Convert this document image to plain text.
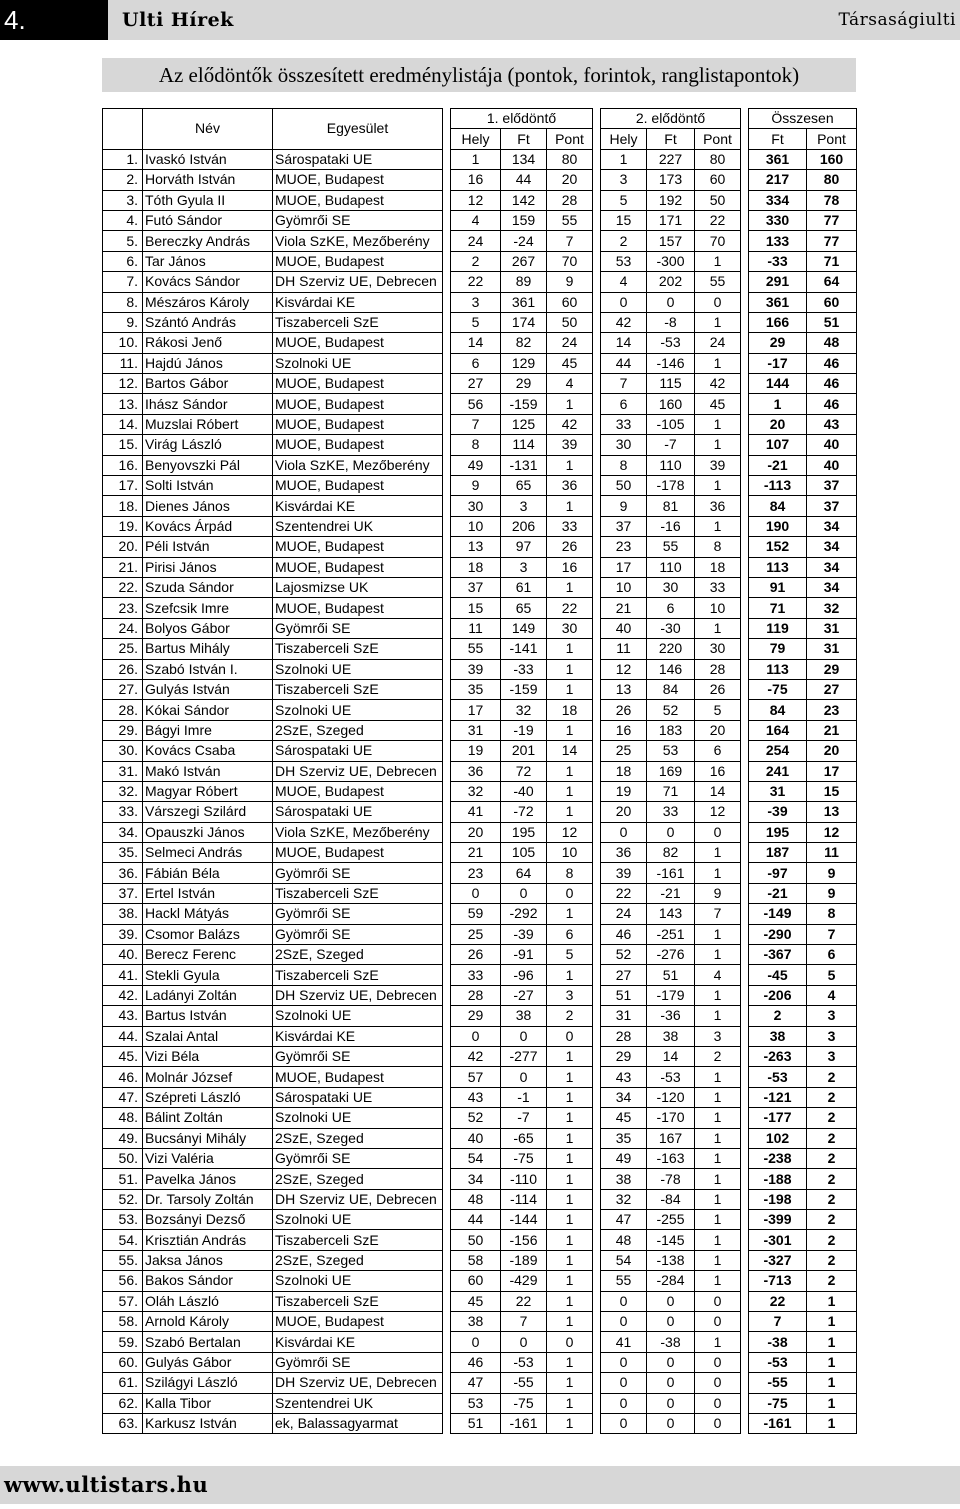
4.	Ulti Hírek	Társaságiulti
Az elődöntők összesített eredménylistája (pontok, forintok, ranglistapontok)
	Név	Egyesület		1. elődöntő				2. elődöntő				Összesen	
				Hely	Ft	Pont		Hely	Ft	Pont		Ft	Pont
1.	Ivaskó István	Sárospataki UE		1	134	80		1	227	80		361	160
2.	Horváth István	MUOE, Budapest		16	44	20		3	173	60		217	80
3.	Tóth Gyula II	MUOE, Budapest		12	142	28		5	192	50		334	78
4.	Futó Sándor	Gyömrői SE		4	159	55		15	171	22		330	77
5.	Bereczky András	Viola SzKE, Mezőberény		24	-24	7		2	157	70		133	77
6.	Tar János	MUOE, Budapest		2	267	70		53	-300	1		-33	71
7.	Kovács Sándor	DH Szerviz UE, Debrecen		22	89	9		4	202	55		291	64
8.	Mészáros Károly	Kisvárdai KE		3	361	60		0	0	0		361	60
9.	Szántó András	Tiszaberceli SzE		5	174	50		42	-8	1		166	51
10.	Rákosi Jenő	MUOE, Budapest		14	82	24		14	-53	24		29	48
11.	Hajdú János	Szolnoki UE		6	129	45		44	-146	1		-17	46
12.	Bartos Gábor	MUOE, Budapest		27	29	4		7	115	42		144	46
13.	Ihász Sándor	MUOE, Budapest		56	-159	1		6	160	45		1	46
14.	Muzslai Róbert	MUOE, Budapest		7	125	42		33	-105	1		20	43
15.	Virág László	MUOE, Budapest		8	114	39		30	-7	1		107	40
16.	Benyovszki Pál	Viola SzKE, Mezőberény		49	-131	1		8	110	39		-21	40
17.	Solti István	MUOE, Budapest		9	65	36		50	-178	1		-113	37
18.	Dienes János	Kisvárdai KE		30	3	1		9	81	36		84	37
19.	Kovács Árpád	Szentendrei UK		10	206	33		37	-16	1		190	34
20.	Péli István	MUOE, Budapest		13	97	26		23	55	8		152	34
21.	Pirisi János	MUOE, Budapest		18	3	16		17	110	18		113	34
22.	Szuda Sándor	Lajosmizse UK		37	61	1		10	30	33		91	34
23.	Szefcsik Imre	MUOE, Budapest		15	65	22		21	6	10		71	32
24.	Bolyos Gábor	Gyömrői SE		11	149	30		40	-30	1		119	31
25.	Bartus Mihály	Tiszaberceli SzE		55	-141	1		11	220	30		79	31
26.	Szabó István I.	Szolnoki UE		39	-33	1		12	146	28		113	29
27.	Gulyás István	Tiszaberceli SzE		35	-159	1		13	84	26		-75	27
28.	Kókai Sándor	Szolnoki UE		17	32	18		26	52	5		84	23
29.	Bágyi Imre	2SzE, Szeged		31	-19	1		16	183	20		164	21
30.	Kovács Csaba	Sárospataki UE		19	201	14		25	53	6		254	20
31.	Makó István	DH Szerviz UE, Debrecen		36	72	1		18	169	16		241	17
32.	Magyar Róbert	MUOE, Budapest		32	-40	1		19	71	14		31	15
33.	Várszegi Szilárd	Sárospataki UE		41	-72	1		20	33	12		-39	13
34.	Opauszki János	Viola SzKE, Mezőberény		20	195	12		0	0	0		195	12
35.	Selmeci András	MUOE, Budapest		21	105	10		36	82	1		187	11
36.	Fábián Béla	Gyömrői SE		23	64	8		39	-161	1		-97	9
37.	Ertel István	Tiszaberceli SzE		0	0	0		22	-21	9		-21	9
38.	Hackl Mátyás	Gyömrői SE		59	-292	1		24	143	7		-149	8
39.	Csomor Balázs	Gyömrői SE		25	-39	6		46	-251	1		-290	7
40.	Berecz Ferenc	2SzE, Szeged		26	-91	5		52	-276	1		-367	6
41.	Stekli Gyula	Tiszaberceli SzE		33	-96	1		27	51	4		-45	5
42.	Ladányi Zoltán	DH Szerviz UE, Debrecen		28	-27	3		51	-179	1		-206	4
43.	Bartus István	Szolnoki UE		29	38	2		31	-36	1		2	3
44.	Szalai Antal	Kisvárdai KE		0	0	0		28	38	3		38	3
45.	Vizi Béla	Gyömrői SE		42	-277	1		29	14	2		-263	3
46.	Molnár József	MUOE, Budapest		57	0	1		43	-53	1		-53	2
47.	Szépreti László	Sárospataki UE		43	-1	1		34	-120	1		-121	2
48.	Bálint Zoltán	Szolnoki UE		52	-7	1		45	-170	1		-177	2
49.	Bucsányi Mihály	2SzE, Szeged		40	-65	1		35	167	1		102	2
50.	Vizi Valéria	Gyömrői SE		54	-75	1		49	-163	1		-238	2
51.	Pavelka János	2SzE, Szeged		34	-110	1		38	-78	1		-188	2
52.	Dr. Tarsoly Zoltán	DH Szerviz UE, Debrecen		48	-114	1		32	-84	1		-198	2
53.	Bozsányi Dezső	Szolnoki UE		44	-144	1		47	-255	1		-399	2
54.	Krisztián András	Tiszaberceli SzE		50	-156	1		48	-145	1		-301	2
55.	Jaksa János	2SzE, Szeged		58	-189	1		54	-138	1		-327	2
56.	Bakos Sándor	Szolnoki UE		60	-429	1		55	-284	1		-713	2
57.	Oláh László	Tiszaberceli SzE		45	22	1		0	0	0		22	1
58.	Arnold Károly	MUOE, Budapest		38	7	1		0	0	0		7	1
59.	Szabó Bertalan	Kisvárdai KE		0	0	0		41	-38	1		-38	1
60.	Gulyás Gábor	Gyömrői SE		46	-53	1		0	0	0		-53	1
61.	Szilágyi László	DH Szerviz UE, Debrecen		47	-55	1		0	0	0		-55	1
62.	Kalla Tibor	Szentendrei UK		53	-75	1		0	0	0		-75	1
63.	Karkusz István	ek, Balassagyarmat		51	-161	1		0	0	0		-161	1
www.ultistars.hu
